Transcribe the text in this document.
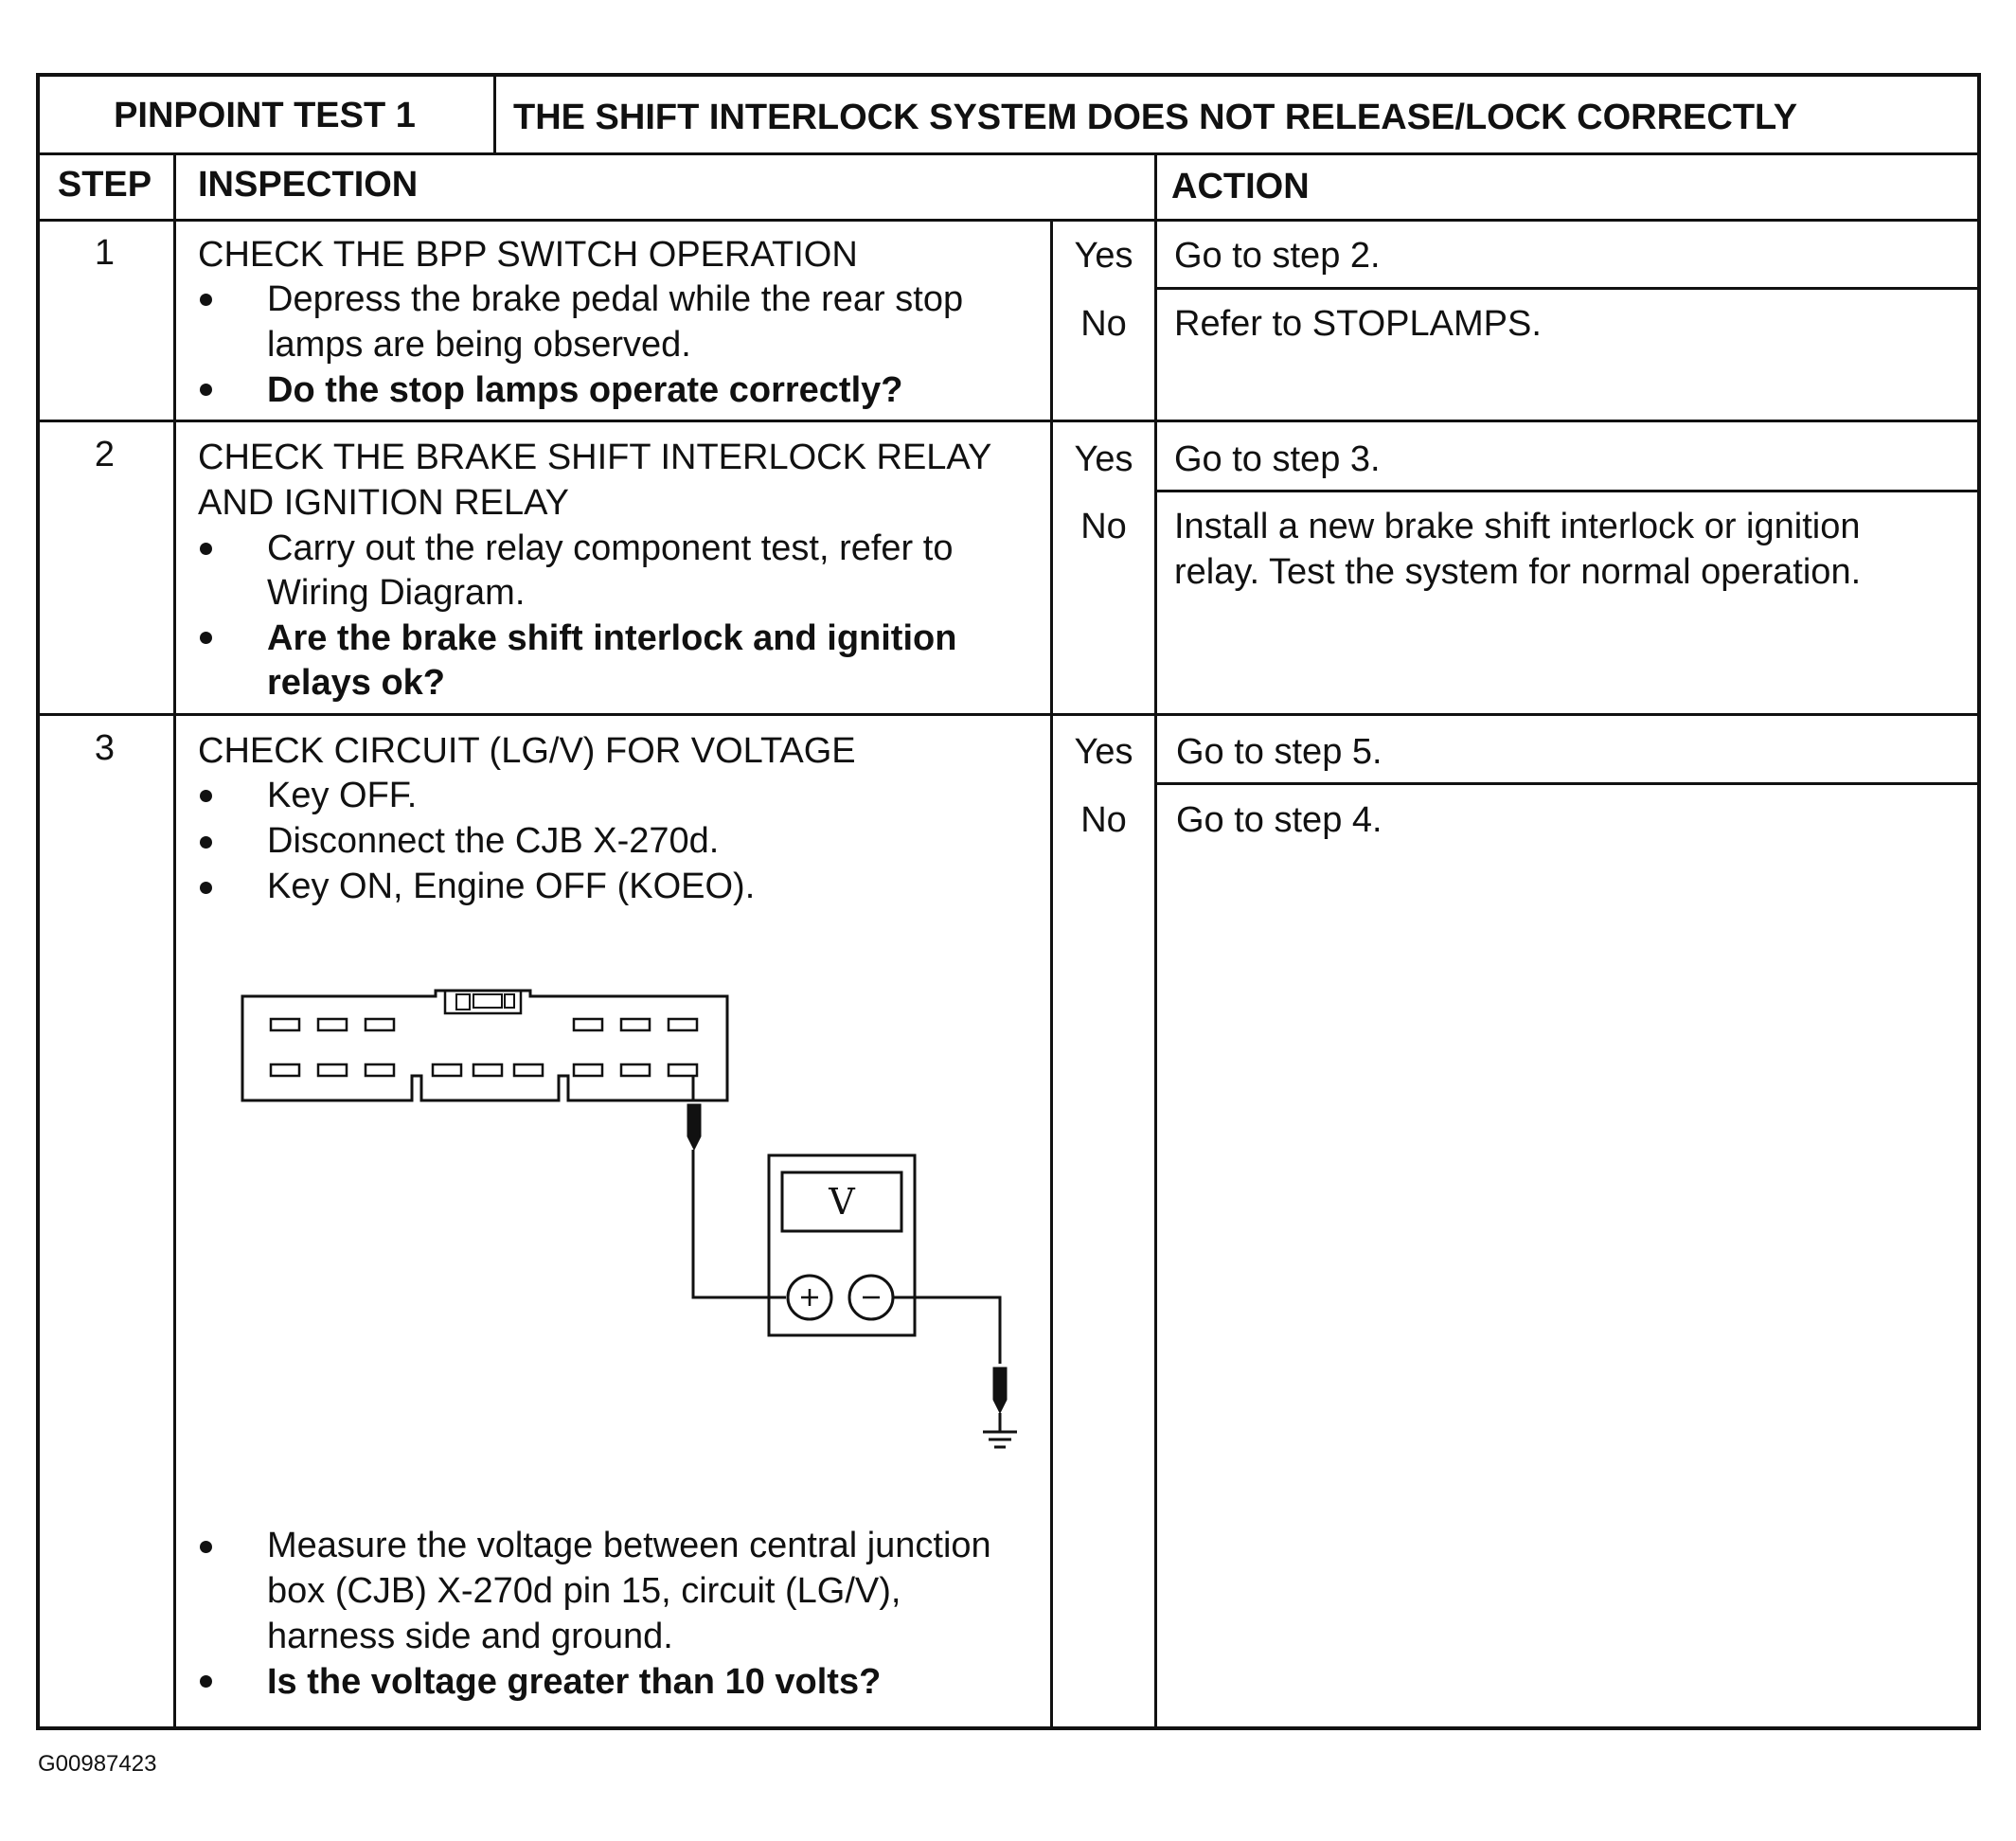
PINPOINT TEST 1	THE SHIFT INTERLOCK SYSTEM DOES NOT RELEASE/LOCK CORRECTLY
STEP	INSPECTION	ACTION
1	CHECK THE BPP SWITCH OPERATION
Depress the brake pedal while the rear stop
lamps are being observed.
Do the stop lamps operate correctly?
Yes	Go to step 2.
No	Refer to STOPLAMPS.
2	CHECK THE BRAKE SHIFT INTERLOCK RELAY
AND IGNITION RELAY
Carry out the relay component test, refer to
Wiring Diagram.
Are the brake shift interlock and ignition
relays ok?
Yes	Go to step 3.
No	Install a new brake shift interlock or ignition
relay. Test the system for normal operation.
3	CHECK CIRCUIT (LG/V) FOR VOLTAGE
Key OFF.
Disconnect the CJB X-270d.
Key ON, Engine OFF (KOEO).
V
Measure the voltage between central junction
box (CJB) X-270d pin 15, circuit (LG/V),
harness side and ground.
Is the voltage greater than 10 volts?
Yes	Go to step 5.
No	Go to step 4.
G00987423
